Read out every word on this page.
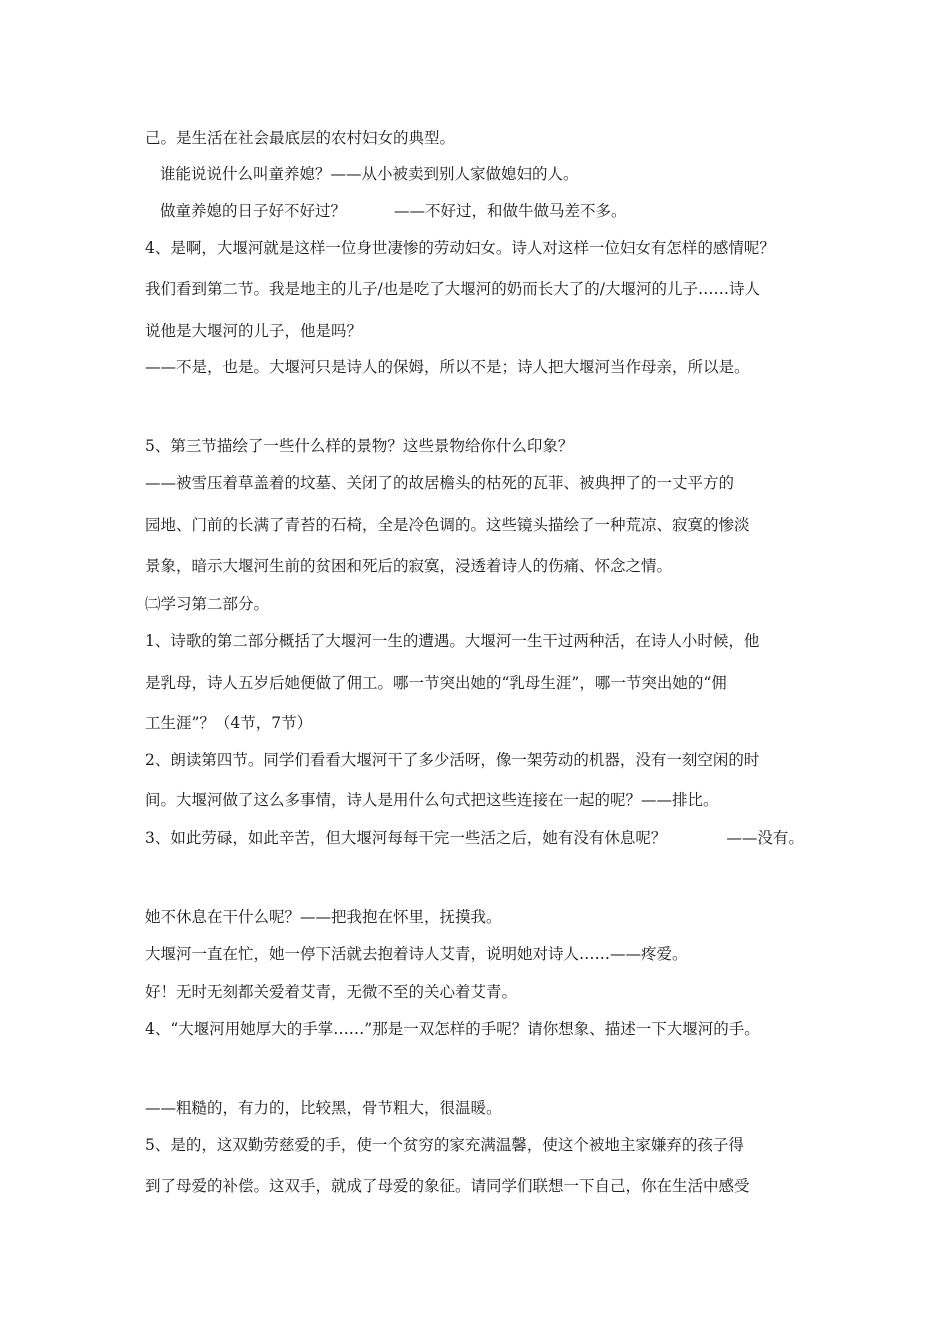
己。是生活在社会最底层的农村妇女的典型。

谁能说说什么叫童养媳？——从小被卖到别人家做媳妇的人。

做童养媳的日子好不好过？	——不好过，和做牛做马差不多。

4、是啊，大堰河就是这样一位身世凄惨的劳动妇女。诗人对这样一位妇女有怎样的感情呢？

我们看到第二节。我是地主的儿子/也是吃了大堰河的奶而长大了的/大堰河的儿子……诗人

说他是大堰河的儿子，他是吗？

——不是，也是。大堰河只是诗人的保姆，所以不是；诗人把大堰河当作母亲，所以是。

5、第三节描绘了一些什么样的景物？这些景物给你什么印象？

——被雪压着草盖着的坟墓、关闭了的故居檐头的枯死的瓦菲、被典押了的一丈平方的

园地、门前的长满了青苔的石椅，全是冷色调的。这些镜头描绘了一种荒凉、寂寞的惨淡

景象，暗示大堰河生前的贫困和死后的寂寞，浸透着诗人的伤痛、怀念之情。

㈡学习第二部分。

1、诗歌的第二部分概括了大堰河一生的遭遇。大堰河一生干过两种活，在诗人小时候，他

是乳母，诗人五岁后她便做了佣工。哪一节突出她的“乳母生涯”，哪一节突出她的“佣

工生涯”？（4节，7节）

2、朗读第四节。同学们看看大堰河干了多少活呀，像一架劳动的机器，没有一刻空闲的时

间。大堰河做了这么多事情，诗人是用什么句式把这些连接在一起的呢？——排比。

3、如此劳碌，如此辛苦，但大堰河每每干完一些活之后，她有没有休息呢？	——没有。

她不休息在干什么呢？——把我抱在怀里，抚摸我。

大堰河一直在忙，她一停下活就去抱着诗人艾青，说明她对诗人……——疼爱。

好！无时无刻都关爱着艾青，无微不至的关心着艾青。

4、“大堰河用她厚大的手掌……”那是一双怎样的手呢？请你想象、描述一下大堰河的手。

——粗糙的，有力的，比较黑，骨节粗大，很温暖。

5、是的，这双勤劳慈爱的手，使一个贫穷的家充满温馨，使这个被地主家嫌弃的孩子得

到了母爱的补偿。这双手，就成了母爱的象征。请同学们联想一下自己，你在生活中感受
